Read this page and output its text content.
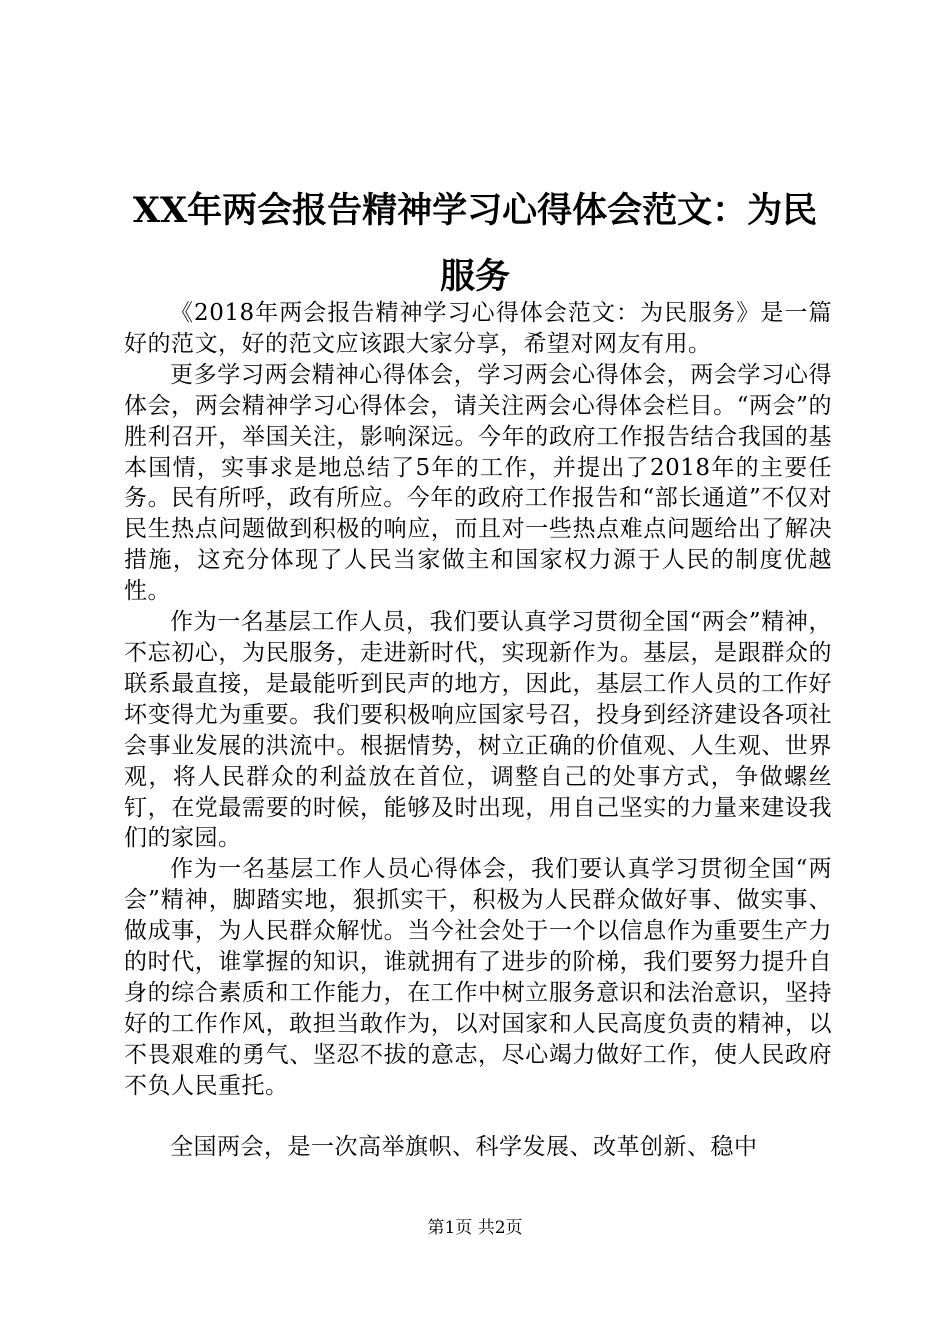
XX年两会报告精神学习心得体会范文：为民服务

《2018年两会报告精神学习心得体会范文：为民服务》是一篇好的范文，好的范文应该跟大家分享，希望对网友有用。

更多学习两会精神心得体会，学习两会心得体会，两会学习心得体会，两会精神学习心得体会，请关注两会心得体会栏目。“两会”的胜利召开，举国关注，影响深远。今年的政府工作报告结合我国的基本国情，实事求是地总结了5年的工作，并提出了2018年的主要任务。民有所呼，政有所应。今年的政府工作报告和“部长通道”不仅对民生热点问题做到积极的响应，而且对一些热点难点问题给出了解决措施，这充分体现了人民当家做主和国家权力源于人民的制度优越性。

作为一名基层工作人员，我们要认真学习贯彻全国“两会”精神，不忘初心，为民服务，走进新时代，实现新作为。基层，是跟群众的联系最直接，是最能听到民声的地方，因此，基层工作人员的工作好坏变得尤为重要。我们要积极响应国家号召，投身到经济建设各项社会事业发展的洪流中。根据情势，树立正确的价值观、人生观、世界观，将人民群众的利益放在首位，调整自己的处事方式，争做螺丝钉，在党最需要的时候，能够及时出现，用自己坚实的力量来建设我们的家园。

作为一名基层工作人员心得体会，我们要认真学习贯彻全国“两会”精神，脚踏实地，狠抓实干，积极为人民群众做好事、做实事、做成事，为人民群众解忧。当今社会处于一个以信息作为重要生产力的时代，谁掌握的知识，谁就拥有了进步的阶梯，我们要努力提升自身的综合素质和工作能力，在工作中树立服务意识和法治意识，坚持好的工作作风，敢担当敢作为，以对国家和人民高度负责的精神，以不畏艰难的勇气、坚忍不拔的意志，尽心竭力做好工作，使人民政府不负人民重托。

全国两会，是一次高举旗帜、科学发展、改革创新、稳中

第1页 共2页
